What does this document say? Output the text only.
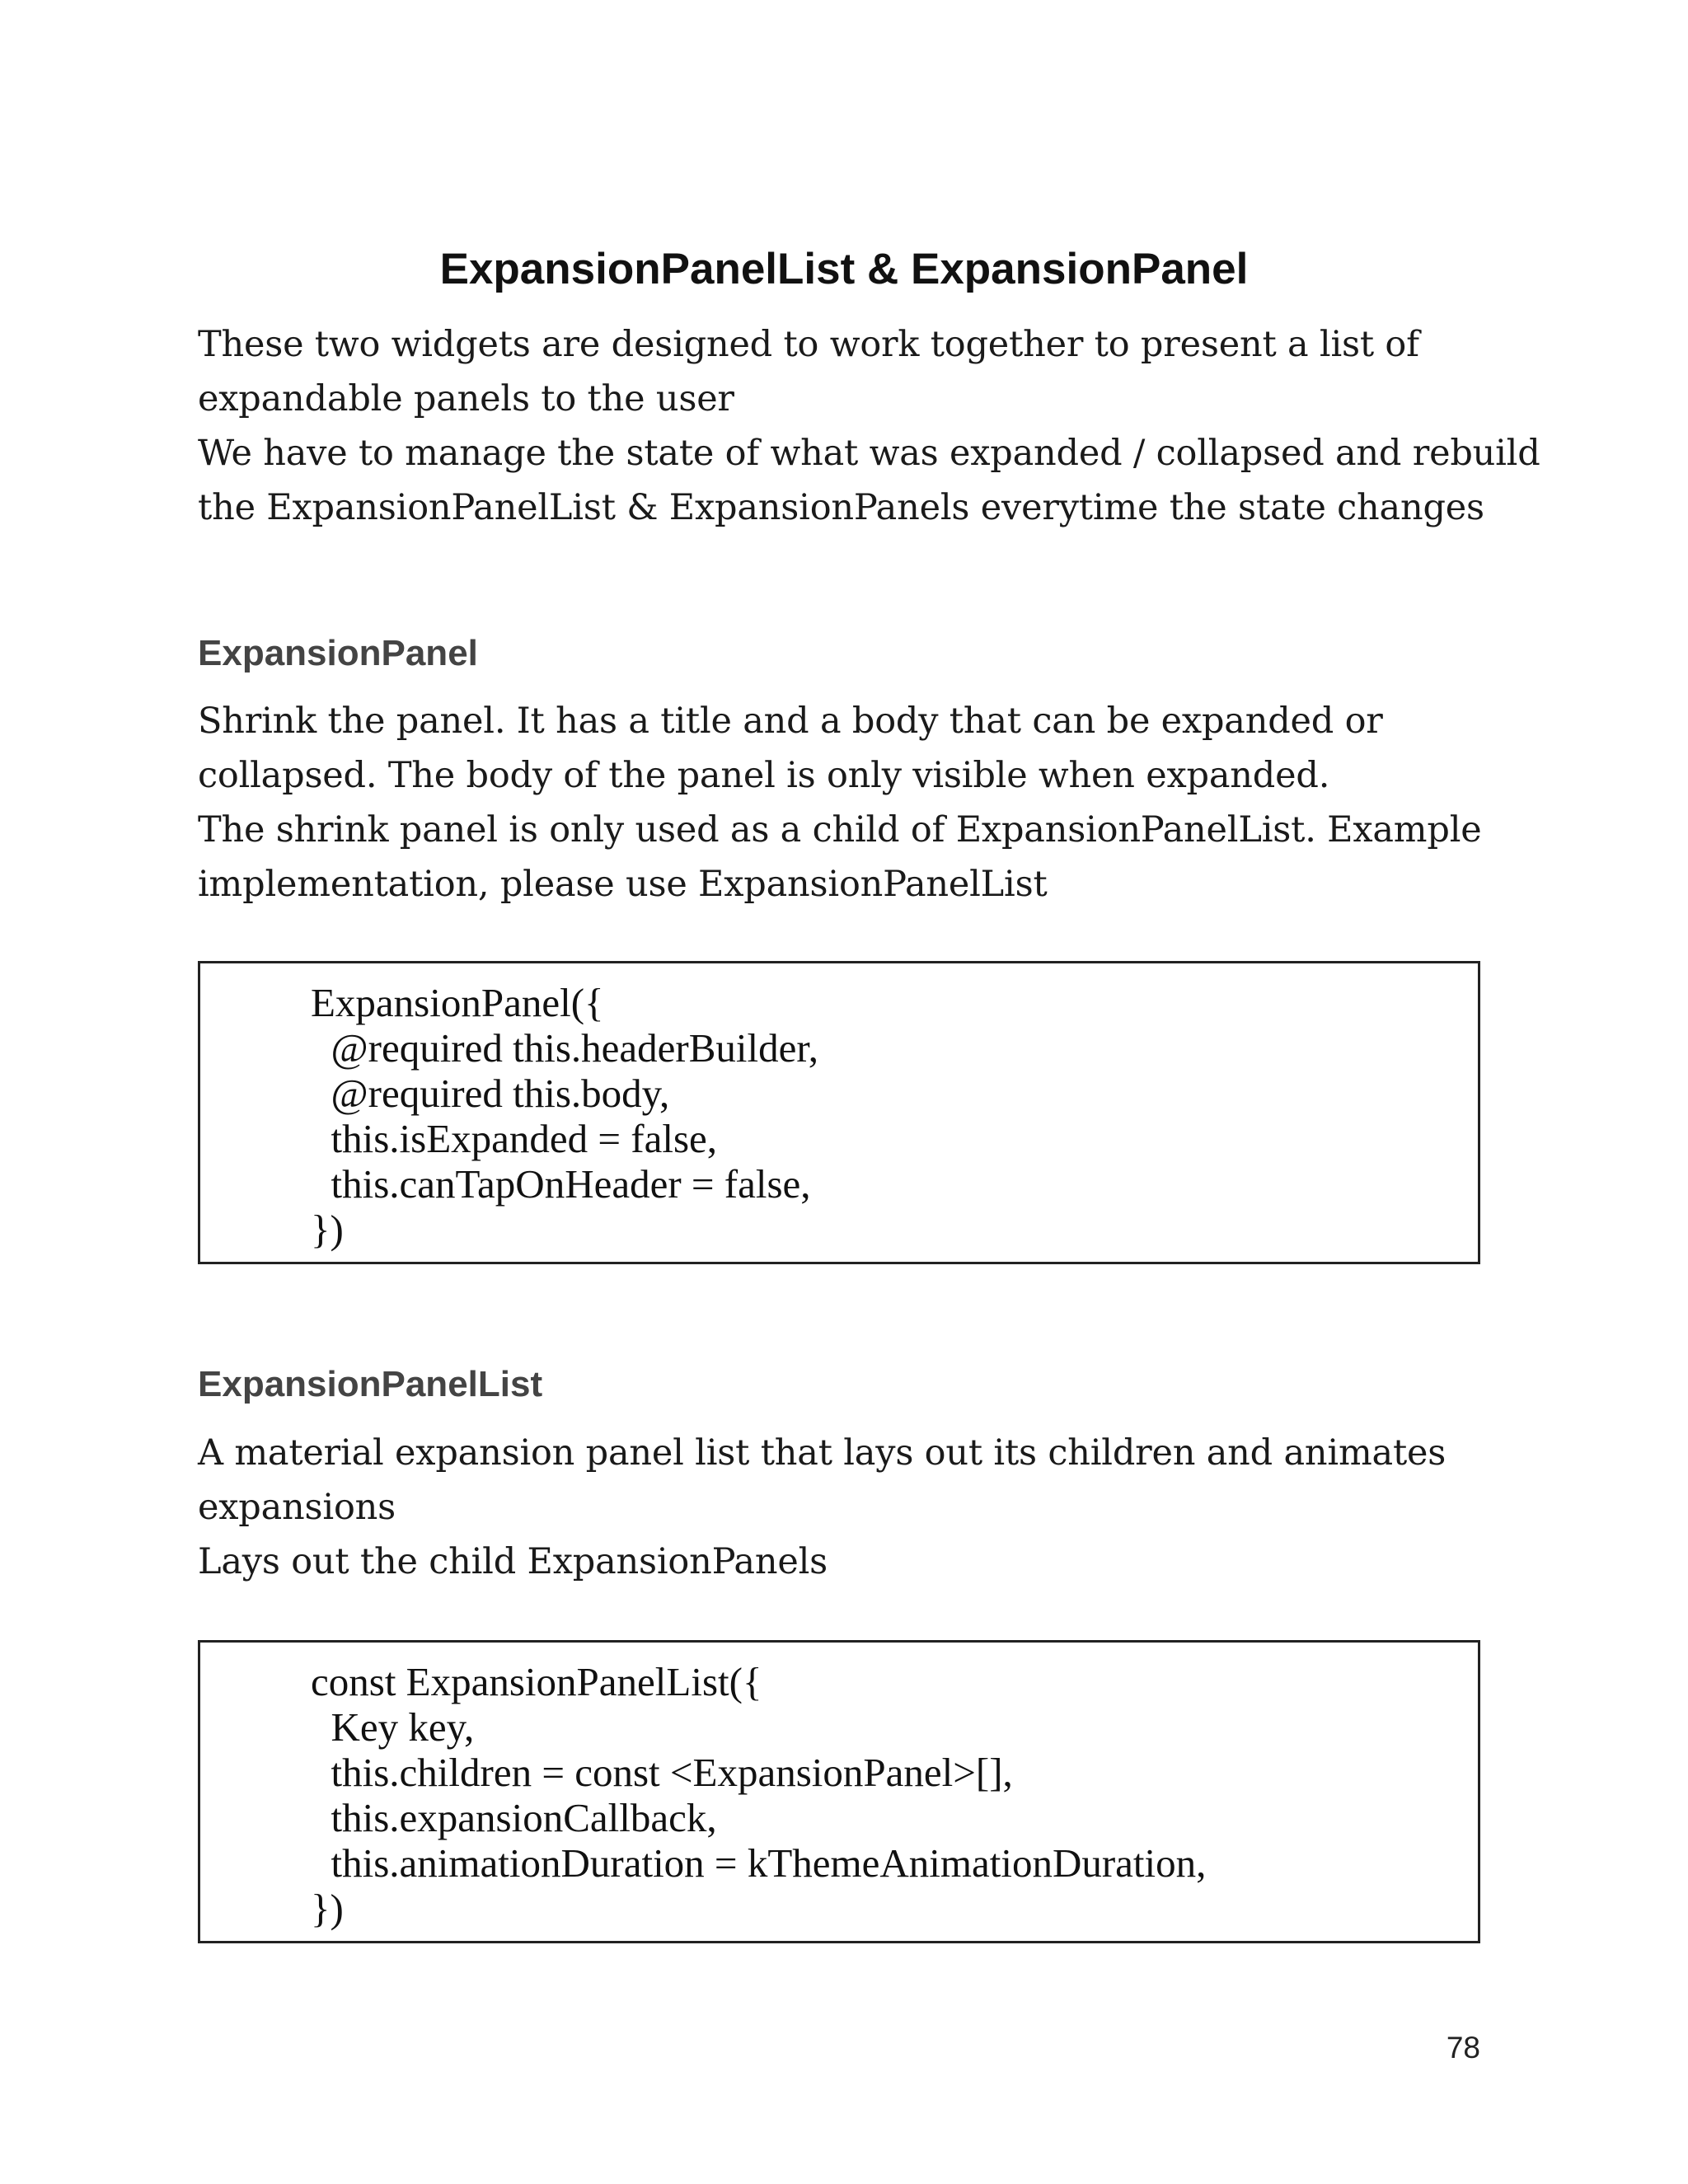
ExpansionPanelList & ExpansionPanel

These two widgets are designed to work together to present a list of
expandable panels to the user
We have to manage the state of what was expanded / collapsed and rebuild
the ExpansionPanelList & ExpansionPanels everytime the state changes

ExpansionPanel

Shrink the panel. It has a title and a body that can be expanded or
collapsed. The body of the panel is only visible when expanded.
The shrink panel is only used as a child of ExpansionPanelList. Example
implementation, please use ExpansionPanelList

ExpansionPanel({
@required this.headerBuilder,
@required this.body,
this.isExpanded = false,
this.canTapOnHeader = false,
})
ExpansionPanelList

A material expansion panel list that lays out its children and animates
expansions
Lays out the child ExpansionPanels

const ExpansionPanelList({
Key key,
this.children = const <ExpansionPanel>[],
this.expansionCallback,
this.animationDuration = kThemeAnimationDuration,
})
78
